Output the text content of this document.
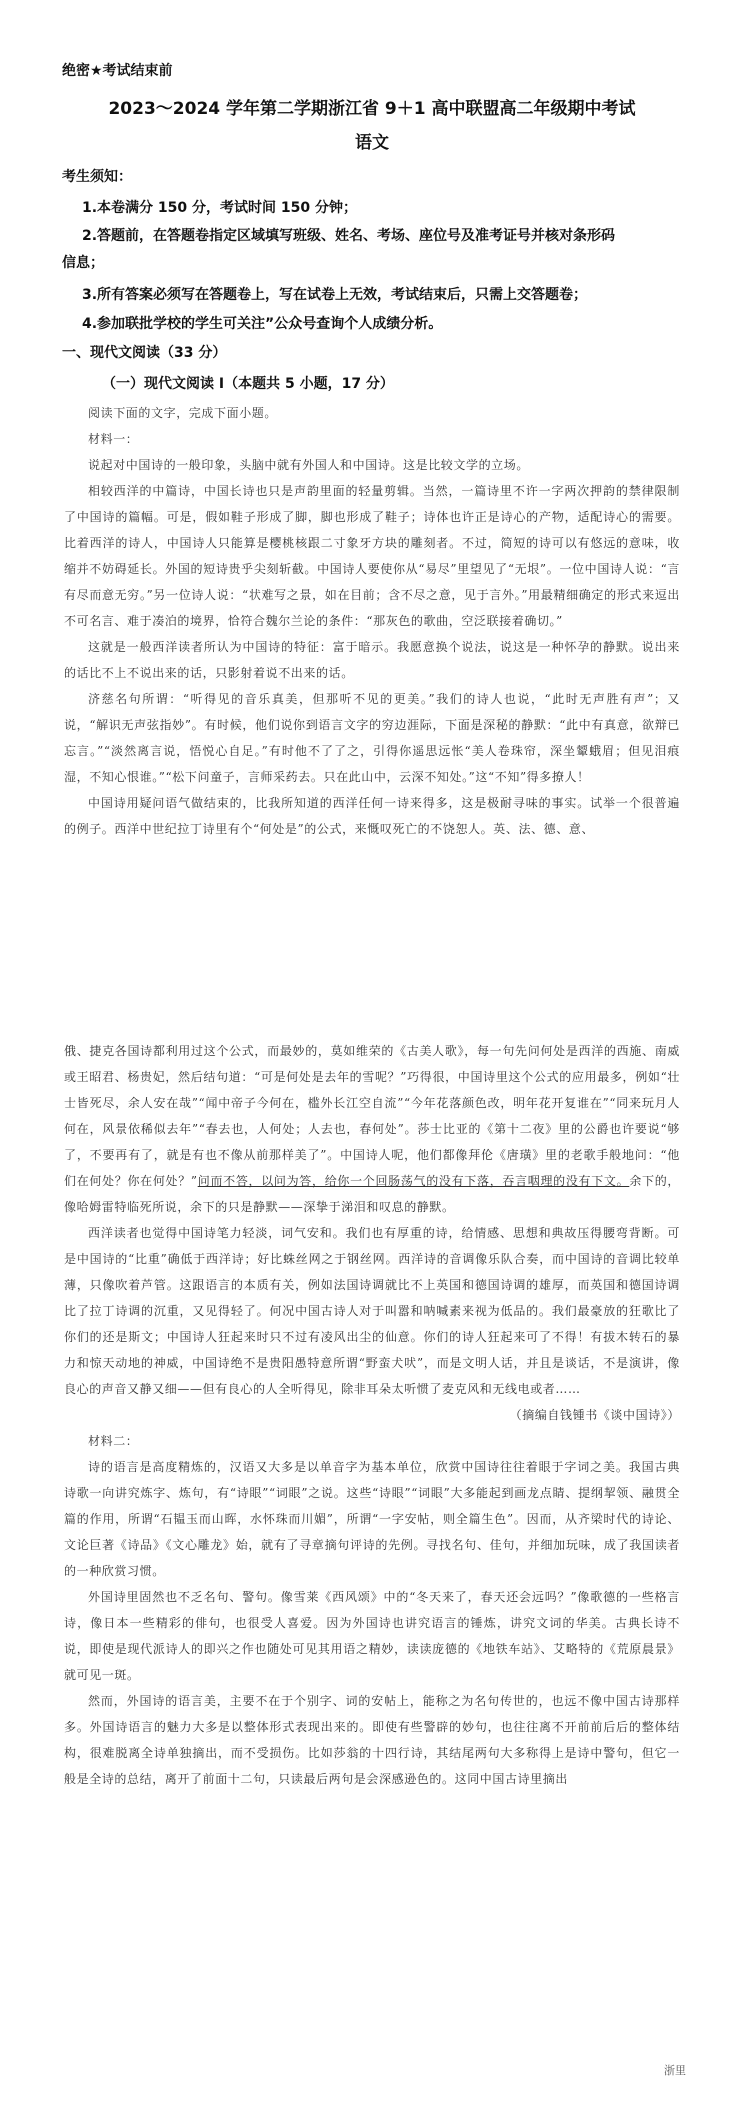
绝密★考试结束前
2023～2024 学年第二学期浙江省 9＋1 高中联盟高二年级期中考试
语文
考生须知：
1.本卷满分 150 分，考试时间 150 分钟；
2.答题前，在答题卷指定区域填写班级、姓名、考场、座位号及准考证号并核对条形码
信息；
3.所有答案必须写在答题卷上，写在试卷上无效，考试结束后，只需上交答题卷；
4.参加联批学校的学生可关注”公众号查询个人成绩分析。
一、现代文阅读（33 分）
（一）现代文阅读 I（本题共 5 小题，17 分）

阅读下面的文字，完成下面小题。

材料一：

说起对中国诗的一般印象，头脑中就有外国人和中国诗。这是比较文学的立场。

相较西洋的中篇诗，中国长诗也只是声韵里面的轻量剪辑。当然，一篇诗里不许一字两次押韵的禁律限制了中国诗的篇幅。可是，假如鞋子形成了脚，脚也形成了鞋子；诗体也许正是诗心的产物，适配诗心的需要。比着西洋的诗人，中国诗人只能算是樱桃核跟二寸象牙方块的雕刻者。不过，简短的诗可以有悠远的意味，收缩并不妨碍延长。外国的短诗贵乎尖刻斩截。中国诗人要使你从“易尽”里望见了“无垠”。一位中国诗人说：“言有尽而意无穷。”另一位诗人说：“状难写之景，如在目前；含不尽之意，见于言外。”用最精细确定的形式来逗出不可名言、难于凑泊的境界，恰符合魏尔兰论的条件：“那灰色的歌曲，空泛联接着确切。”

这就是一般西洋读者所认为中国诗的特征：富于暗示。我愿意换个说法，说这是一种怀孕的静默。说出来的话比不上不说出来的话，只影射着说不出来的话。

济慈名句所谓：“听得见的音乐真美，但那听不见的更美。”我们的诗人也说，“此时无声胜有声”；又说，“解识无声弦指妙”。有时候，他们说你到语言文字的穷边涯际，下面是深秘的静默：“此中有真意，欲辩已忘言。”“淡然离言说，悟悦心自足。”有时他不了了之，引得你遥思远怅“美人卷珠帘，深坐颦蛾眉；但见泪痕湿，不知心恨谁。”“松下问童子，言师采药去。只在此山中，云深不知处。”这“不知”得多撩人！

中国诗用疑问语气做结束的，比我所知道的西洋任何一诗来得多，这是极耐寻味的事实。试举一个很普遍的例子。西洋中世纪拉丁诗里有个“何处是”的公式，来慨叹死亡的不饶恕人。英、法、德、意、

俄、捷克各国诗都利用过这个公式，而最妙的，莫如维荣的《古美人歌》，每一句先问何处是西洋的西施、南威或王昭君、杨贵妃，然后结句道：“可是何处是去年的雪呢？”巧得很，中国诗里这个公式的应用最多，例如“壮士皆死尽，余人安在哉”“闻中帝子今何在，槛外长江空自流”“今年花落颜色改，明年花开复谁在”“同来玩月人何在，风景依稀似去年”“春去也，人何处；人去也，春何处”。莎士比亚的《第十二夜》里的公爵也许要说“够了，不要再有了，就是有也不像从前那样美了”。中国诗人呢，他们都像拜伦《唐璜》里的老歌手般地问：“他们在何处？你在何处？”问而不答，以问为答，给你一个回肠荡气的没有下落，吞言咽理的没有下文。余下的，像哈姆雷特临死所说，余下的只是静默——深挚于涕泪和叹息的静默。

西洋读者也觉得中国诗笔力轻淡，词气安和。我们也有厚重的诗，给情感、思想和典故压得腰弯背断。可是中国诗的“比重”确低于西洋诗；好比蛛丝网之于钢丝网。西洋诗的音调像乐队合奏，而中国诗的音调比较单薄，只像吹着芦管。这跟语言的本质有关，例如法国诗调就比不上英国和德国诗调的雄厚，而英国和德国诗调比了拉丁诗调的沉重，又见得轻了。何况中国古诗人对于叫嚣和呐喊素来视为低品的。我们最豪放的狂歌比了你们的还是斯文；中国诗人狂起来时只不过有凌风出尘的仙意。你们的诗人狂起来可了不得！有拔木转石的暴力和惊天动地的神威，中国诗绝不是贵阳愚特意所谓“野蛮犬吠”，而是文明人话，并且是谈话，不是演讲，像良心的声音又静又细——但有良心的人全听得见，除非耳朵太听惯了麦克风和无线电或者……

（摘编自钱锺书《谈中国诗》）

材料二：

诗的语言是高度精炼的，汉语又大多是以单音字为基本单位，欣赏中国诗往往着眼于字词之美。我国古典诗歌一向讲究炼字、炼句，有“诗眼”“词眼”之说。这些“诗眼”“词眼”大多能起到画龙点睛、提纲挈领、融贯全篇的作用，所谓“石韫玉而山晖，水怀珠而川媚”，所谓“一字安帖，则全篇生色”。因而，从齐梁时代的诗论、文论巨著《诗品》《文心雕龙》始，就有了寻章摘句评诗的先例。寻找名句、佳句，并细加玩味，成了我国读者的一种欣赏习惯。

外国诗里固然也不乏名句、警句。像雪莱《西风颂》中的“冬天来了，春天还会远吗？”像歌德的一些格言诗，像日本一些精彩的俳句，也很受人喜爱。因为外国诗也讲究语言的锤炼，讲究文词的华美。古典长诗不说，即使是现代派诗人的即兴之作也随处可见其用语之精妙，读读庞德的《地铁车站》、艾略特的《荒原晨景》就可见一斑。

然而，外国诗的语言美，主要不在于个别字、词的安帖上，能称之为名句传世的，也远不像中国古诗那样多。外国诗语言的魅力大多是以整体形式表现出来的。即使有些警辟的妙句，也往往离不开前前后后的整体结构，很难脱离全诗单独摘出，而不受损伤。比如莎翁的十四行诗，其结尾两句大多称得上是诗中警句，但它一般是全诗的总结，离开了前面十二句，只读最后两句是会深感逊色的。这同中国古诗里摘出

浙里
